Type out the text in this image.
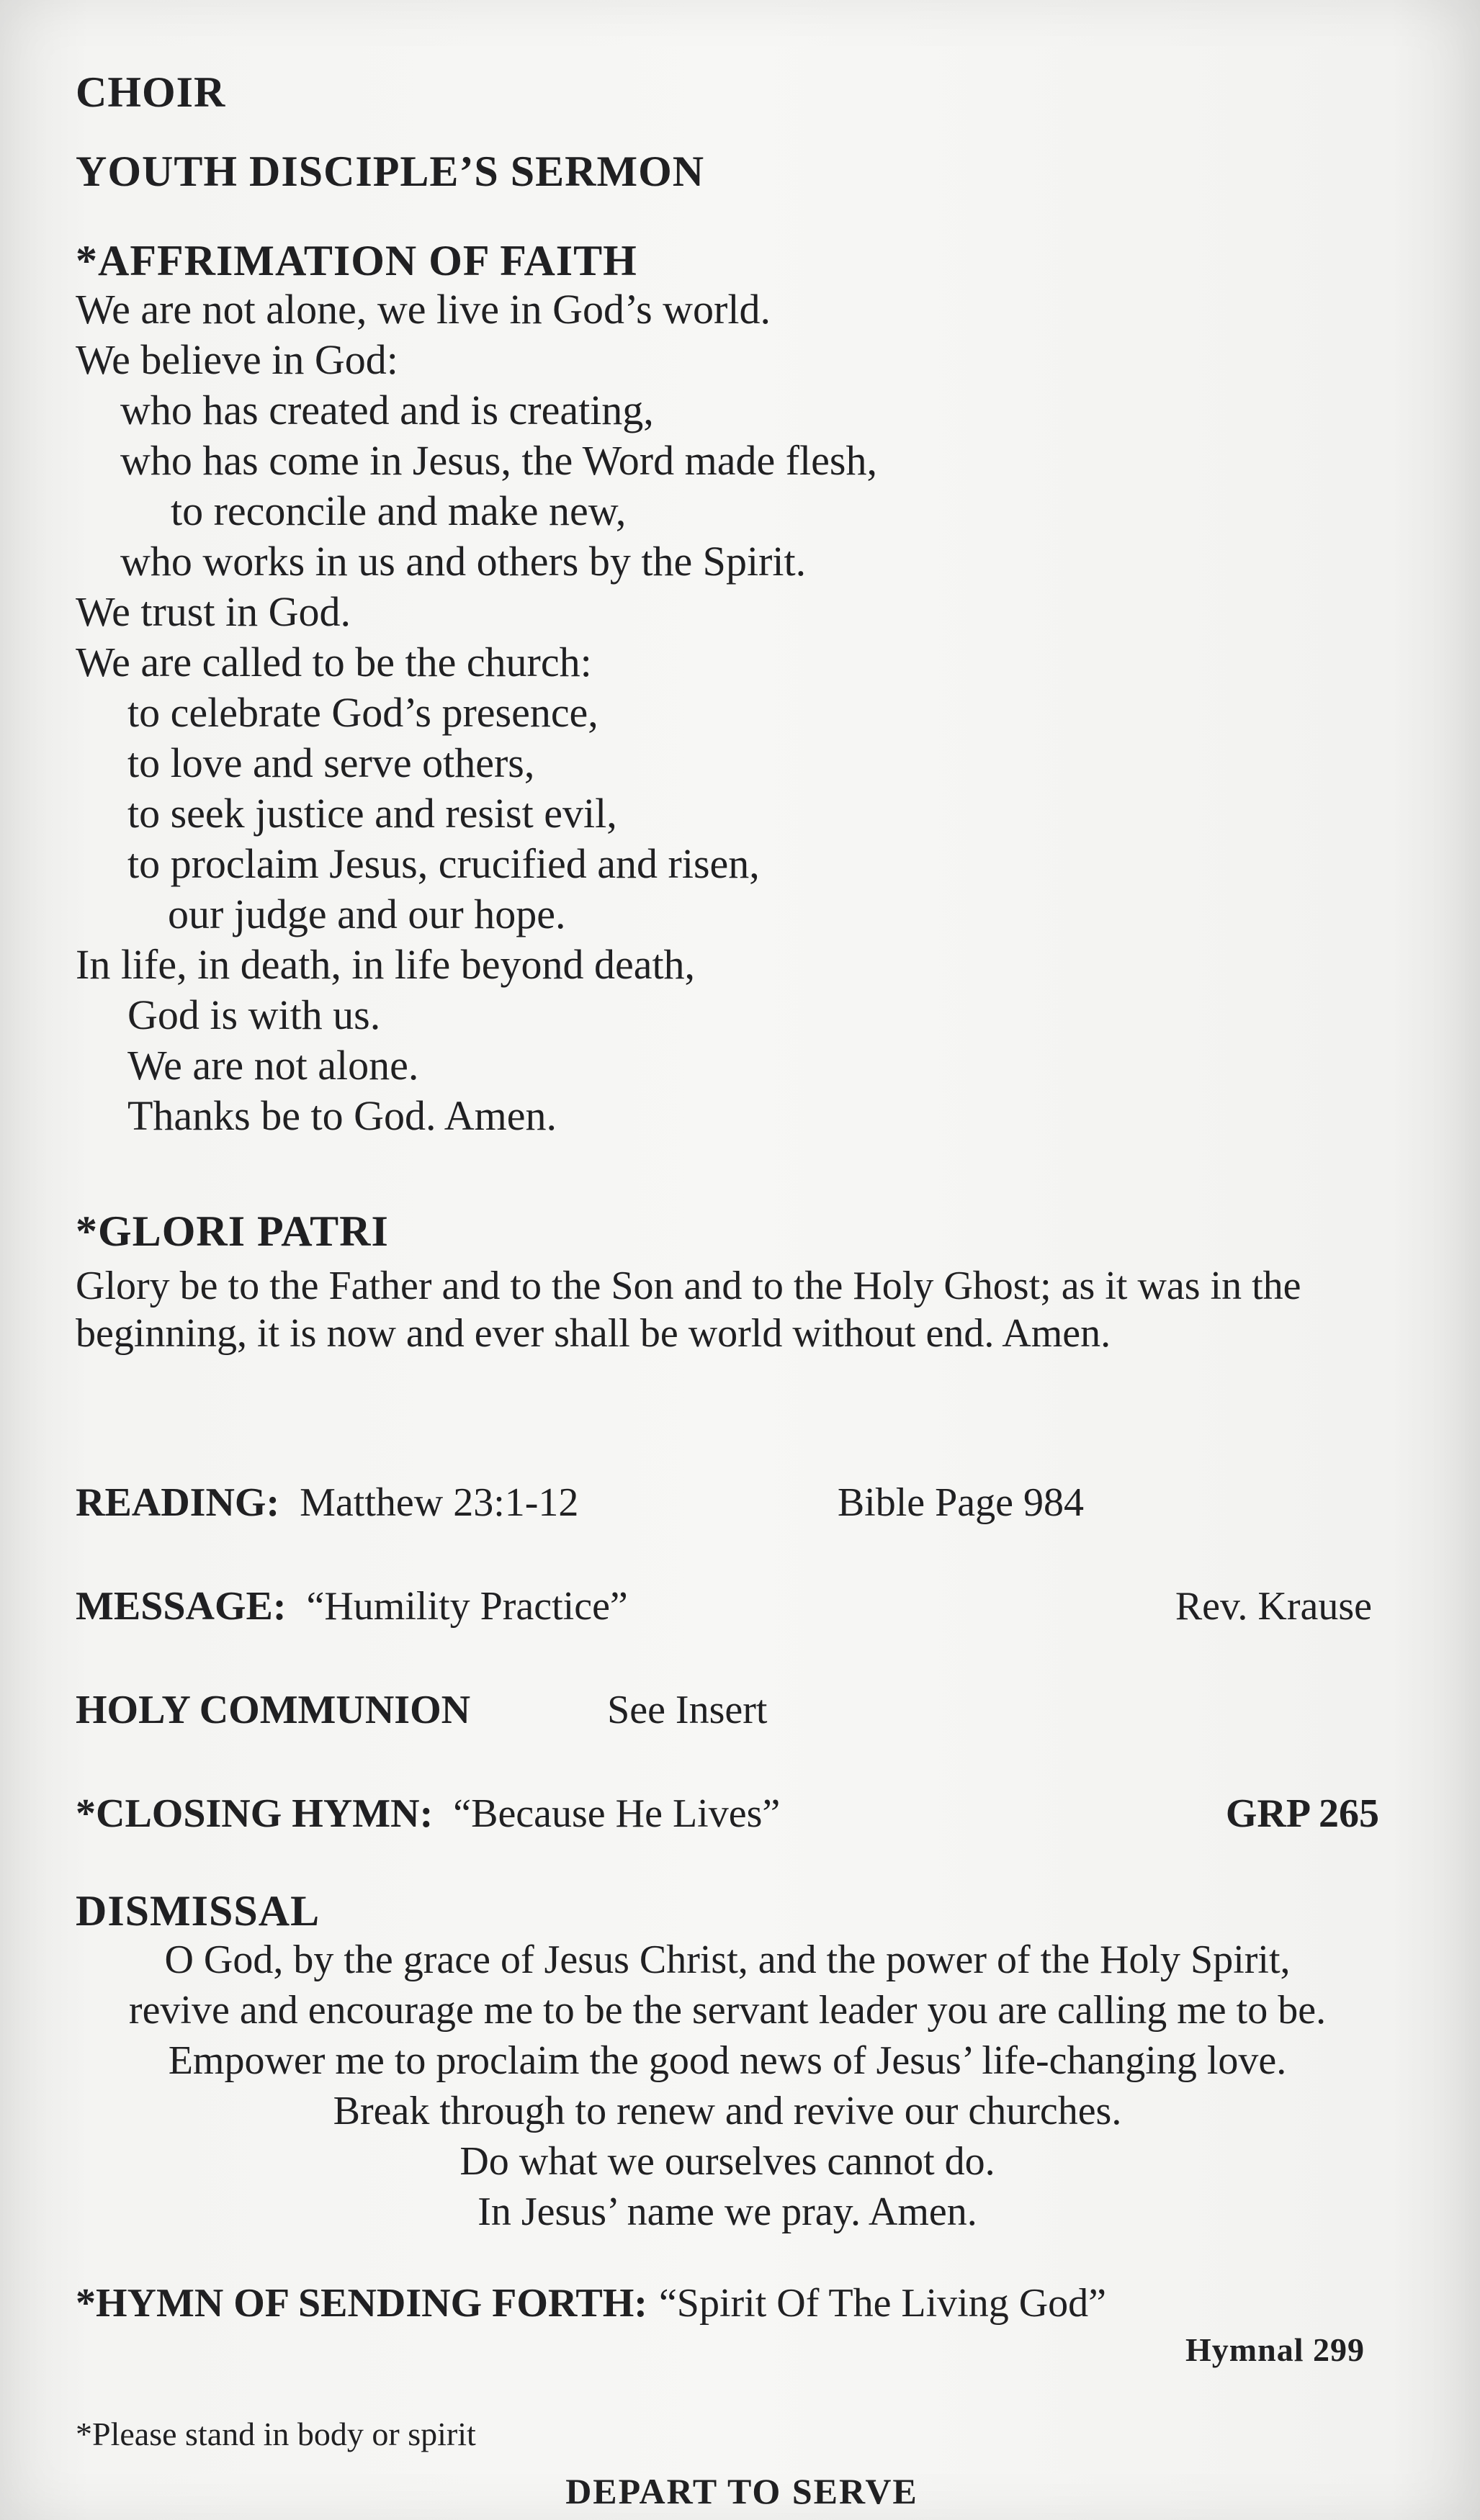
CHOIR
YOUTH DISCIPLE’S SERMON
*AFFRIMATION OF FAITH
We are not alone, we live in God’s world.
We believe in God:
who has created and is creating,
who has come in Jesus, the Word made flesh,
to reconcile and make new,
who works in us and others by the Spirit.
We trust in God.
We are called to be the church:
to celebrate God’s presence,
to love and serve others,
to seek justice and resist evil,
to proclaim Jesus, crucified and risen,
our judge and our hope.
In life, in death, in life beyond death,
God is with us.
We are not alone.
Thanks be to God. Amen.
*GLORI PATRI
Glory be to the Father and to the Son and to the Holy Ghost; as it was in the beginning, it is now and ever shall be world without end. Amen.
READING: Matthew 23:1-12	Bible Page 984
MESSAGE: “Humility Practice”	Rev. Krause
HOLY COMMUNION	See Insert
*CLOSING HYMN: “Because He Lives”	GRP 265
DISMISSAL
O God, by the grace of Jesus Christ, and the power of the Holy Spirit,
revive and encourage me to be the servant leader you are calling me to be.
Empower me to proclaim the good news of Jesus’ life-changing love.
Break through to renew and revive our churches.
Do what we ourselves cannot do.
In Jesus’ name we pray. Amen.
*HYMN OF SENDING FORTH: “Spirit Of The Living God”
Hymnal 299
*Please stand in body or spirit
DEPART TO SERVE
